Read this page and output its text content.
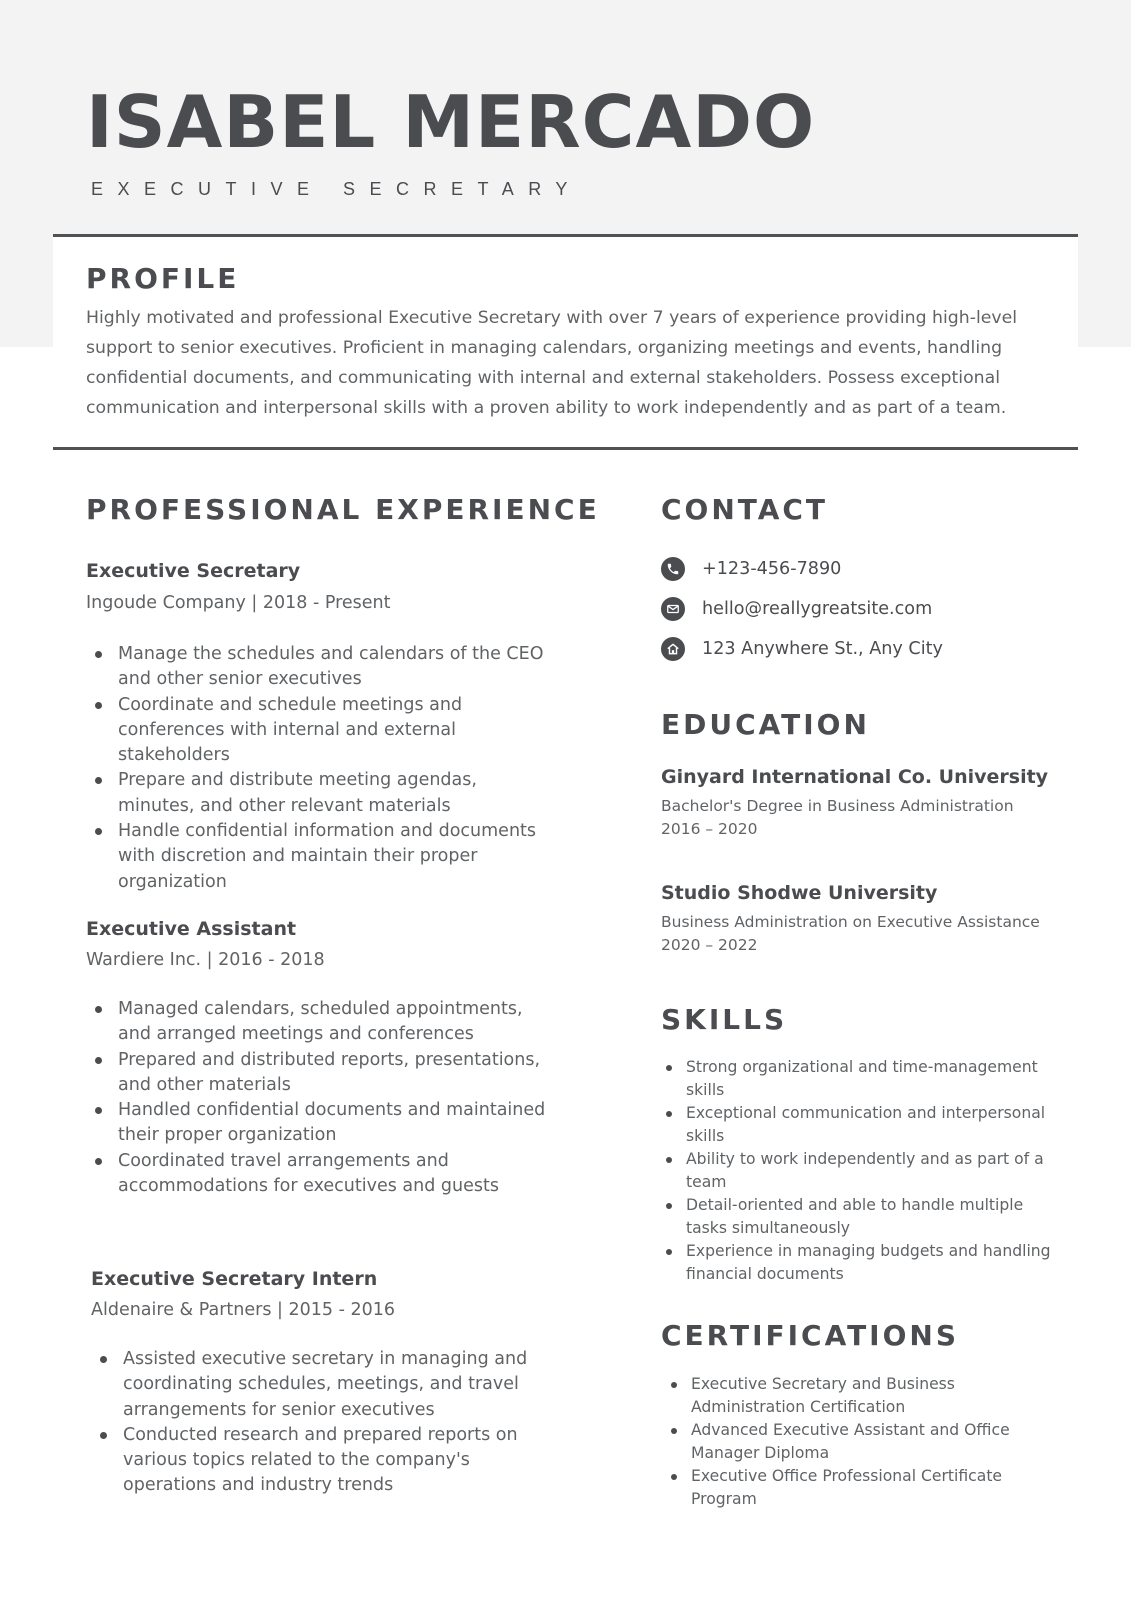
ISABEL MERCADO
EXECUTIVE SECRETARY
PROFILE

Highly motivated and professional Executive Secretary with over 7 years of experience providing high-level support to senior executives. Proficient in managing calendars, organizing meetings and events, handling confidential documents, and communicating with internal and external stakeholders. Possess exceptional communication and interpersonal skills with a proven ability to work independently and as part of a team.

PROFESSIONAL EXPERIENCE
Executive Secretary
Ingoude Company | 2018 - Present
Manage the schedules and calendars of the CEO and other senior executives
Coordinate and schedule meetings and conferences with internal and external stakeholders
Prepare and distribute meeting agendas, minutes, and other relevant materials
Handle confidential information and documents with discretion and maintain their proper organization
Executive Assistant
Wardiere Inc. | 2016 - 2018
Managed calendars, scheduled appointments, and arranged meetings and conferences
Prepared and distributed reports, presentations, and other materials
Handled confidential documents and maintained their proper organization
Coordinated travel arrangements and accommodations for executives and guests
Executive Secretary Intern
Aldenaire & Partners | 2015 - 2016
Assisted executive secretary in managing and coordinating schedules, meetings, and travel arrangements for senior executives
Conducted research and prepared reports on various topics related to the company's operations and industry trends
CONTACT
+123-456-7890
hello@reallygreatsite.com
123 Anywhere St., Any City
EDUCATION
Ginyard International Co. University
Bachelor's Degree in Business Administration
2016 – 2020
Studio Shodwe University
Business Administration on Executive Assistance
2020 – 2022
SKILLS
Strong organizational and time-management skills
Exceptional communication and interpersonal skills
Ability to work independently and as part of a team
Detail-oriented and able to handle multiple tasks simultaneously
Experience in managing budgets and handling financial documents
CERTIFICATIONS
Executive Secretary and Business Administration Certification
Advanced Executive Assistant and Office Manager Diploma
Executive Office Professional Certificate Program
